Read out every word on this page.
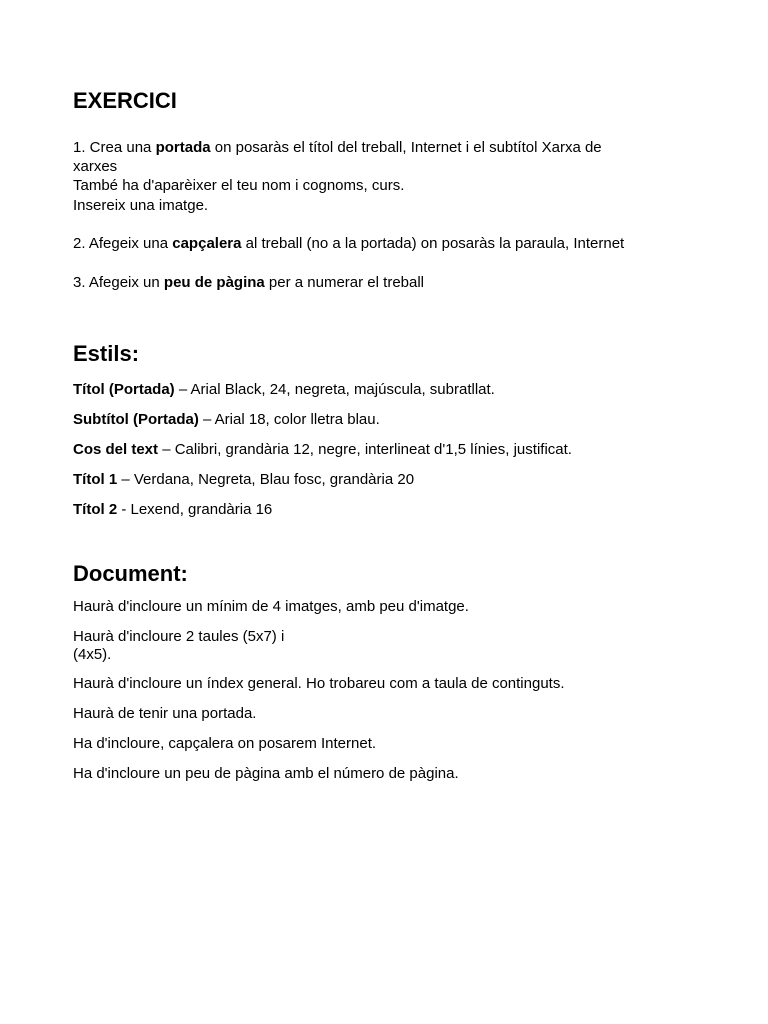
EXERCICI

1. Crea una portada on posaràs el títol del treball, Internet i el subtítol Xarxa de

xarxes

També ha d'aparèixer el teu nom i cognoms, curs.

Insereix una imatge.

2. Afegeix una capçalera al treball (no a la portada) on posaràs la paraula, Internet

3. Afegeix un peu de pàgina per a numerar el treball

Estils:

Títol (Portada) – Arial Black, 24, negreta, majúscula, subratllat.

Subtítol (Portada) – Arial 18, color lletra blau.

Cos del text – Calibri, grandària 12, negre, interlineat d'1,5 línies, justificat.

Títol 1 – Verdana, Negreta, Blau fosc, grandària 20

Títol 2 - Lexend, grandària 16

Document:

Haurà d'incloure un mínim de 4 imatges, amb peu d'imatge.

Haurà d'incloure 2 taules (5x7) i

(4x5).

Haurà d'incloure un índex general. Ho trobareu com a taula de continguts.

Haurà de tenir una portada.

Ha d'incloure, capçalera on posarem Internet.

Ha d'incloure un peu de pàgina amb el número de pàgina.
